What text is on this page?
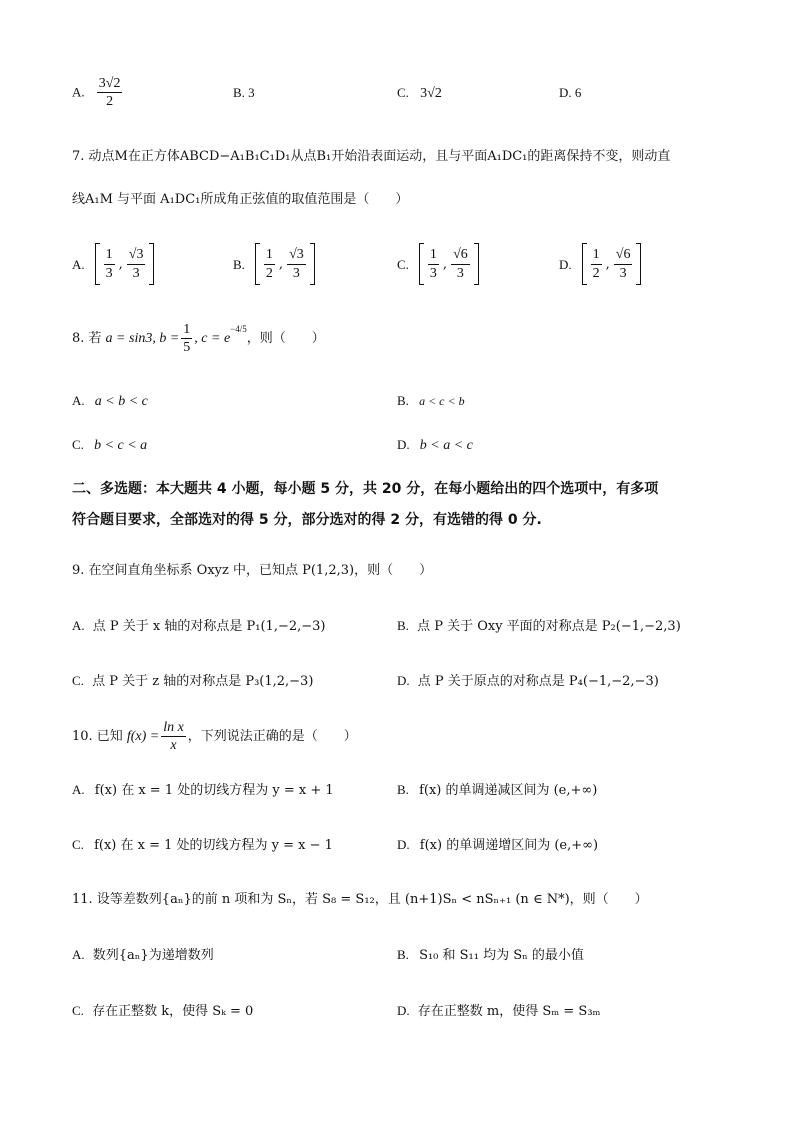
A. $\frac{3√2}{2}$	B. 3	C. 3√2	D. 6
7. 动点M在正方体ABCD−A₁B₁C₁D₁从点B₁开始沿表面运动，且与平面A₁DC₁的距离保持不变，则动直
线A₁M 与平面 A₁DC₁所成角正弦值的取值范围是（　　）
A. $\frac{1}{3}$ , $\frac{√3}{3}$	B. $\frac{1}{2}$ , $\frac{√3}{3}$	C. $\frac{1}{3}$ , $\frac{√6}{3}$	D. $\frac{1}{2}$ , $\frac{√6}{3}$
8. 若 a = sin3, $b = \frac{1}{5}$ , c = e
−4/5
，则（　　）
A. a < b < c	B. a < c < b
C. b < c < a	D. b < a < c
二、多选题：本大题共 4 小题，每小题 5 分，共 20 分，在每小题给出的四个选项中，有多项
符合题目要求，全部选对的得 5 分，部分选对的得 2 分，有选错的得 0 分.
9. 在空间直角坐标系 Oxyz 中，已知点 P(1,2,3)，则（　　）
A. 点 P 关于 x 轴的对称点是 P₁(1,−2,−3)	B. 点 P 关于 Oxy 平面的对称点是 P₂(−1,−2,3)
C. 点 P 关于 z 轴的对称点是 P₃(1,2,−3)	D. 点 P 关于原点的对称点是 P₄(−1,−2,−3)
10. 已知 $f(x) = \frac{\text{ln x}}{x}$ ，下列说法正确的是（　　）
A. f(x) 在 x = 1 处的切线方程为 y = x + 1	B. f(x) 的单调递减区间为 (e,+∞)
C. f(x) 在 x = 1 处的切线方程为 y = x − 1	D. f(x) 的单调递增区间为 (e,+∞)
11. 设等差数列{aₙ}的前 n 项和为 Sₙ，若 S₈ = S₁₂，且 (n+1)Sₙ < nSₙ₊₁ (n ∈ N*)，则（　　）
A. 数列{aₙ}为递增数列	B. S₁₀ 和 S₁₁ 均为 Sₙ 的最小值
C. 存在正整数 k，使得 Sₖ = 0	D. 存在正整数 m，使得 Sₘ = S₃ₘ
